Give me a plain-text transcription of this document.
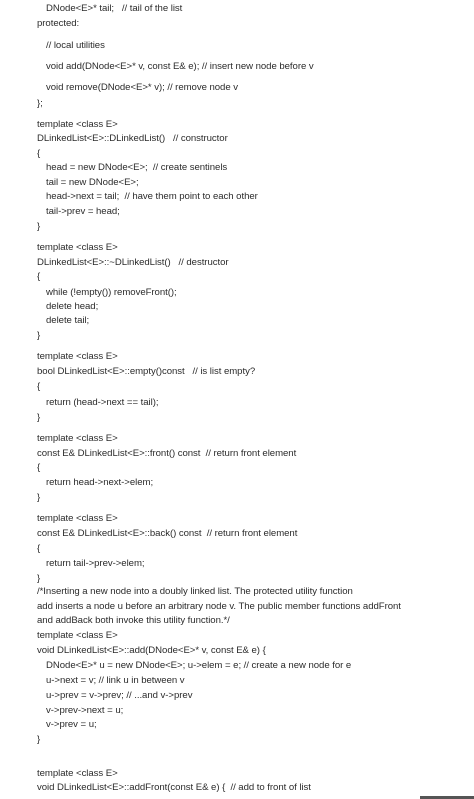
DNode<E>* tail;   // tail of the list
protected:
// local utilities
void add(DNode<E>* v, const E& e); // insert new node before v
void remove(DNode<E>* v); // remove node v
};
template <class E>
DLinkedList<E>::DLinkedList()   // constructor
{
head = new DNode<E>;  // create sentinels
tail = new DNode<E>;
head->next = tail;  // have them point to each other
tail->prev = head;
}
template <class E>
DLinkedList<E>::~DLinkedList()   // destructor
{
while (!empty()) removeFront();
delete head;
delete tail;
}
template <class E>
bool DLinkedList<E>::empty()const   // is list empty?
{
return (head->next == tail);
}
template <class E>
const E& DLinkedList<E>::front() const  // return front element
{
return head->next->elem;
}
template <class E>
const E& DLinkedList<E>::back() const  // return front element
{
return tail->prev->elem;
}
/*Inserting a new node into a doubly linked list. The protected utility function
add inserts a node u before an arbitrary node v. The public member functions addFront
and addBack both invoke this utility function.*/
template <class E>
void DLinkedList<E>::add(DNode<E>* v, const E& e) {
DNode<E>* u = new DNode<E>; u->elem = e; // create a new node for e
u->next = v; // link u in between v
u->prev = v->prev; // ...and v->prev
v->prev->next = u;
v->prev = u;
}
template <class E>
void DLinkedList<E>::addFront(const E& e) {  // add to front of list
